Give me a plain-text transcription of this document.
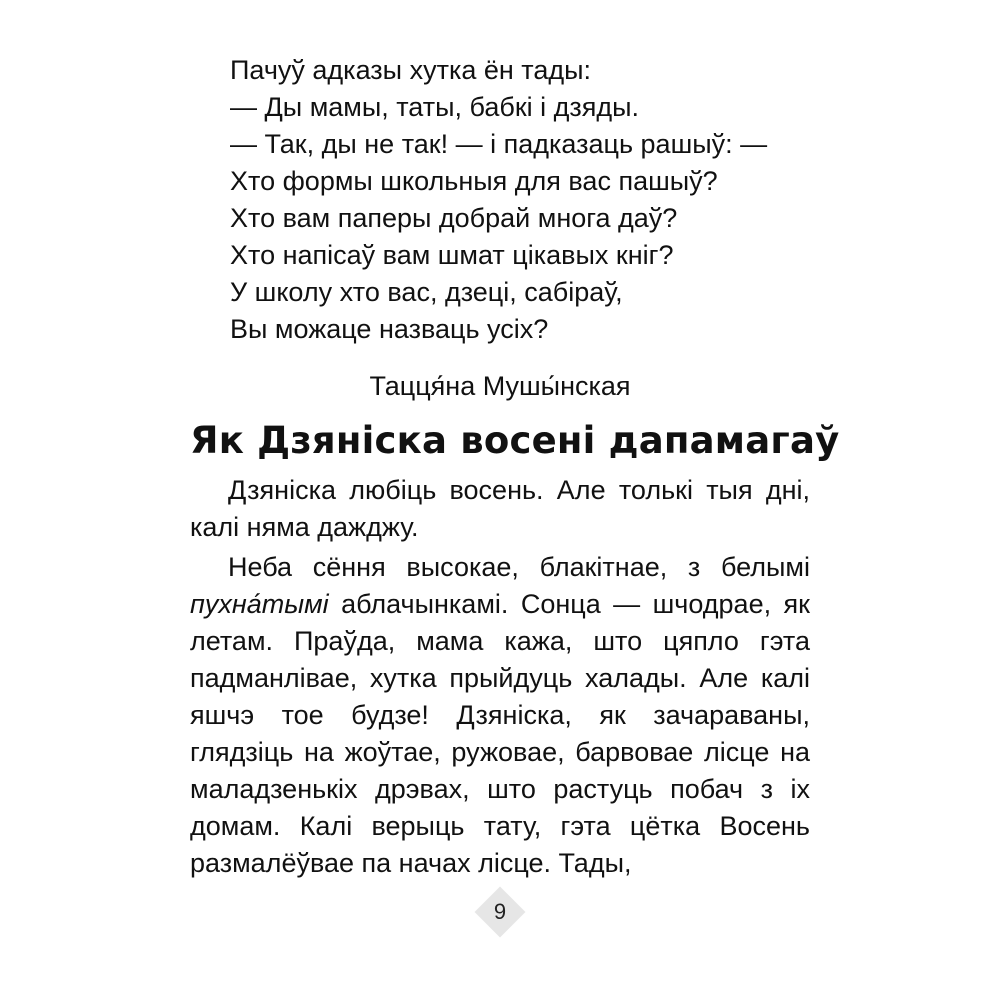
Пачуў адказы хутка ён тады:
— Ды мамы, таты, бабкі і дзяды.
— Так, ды не так! — і падказаць рашыў: —
Хто формы школьныя для вас пашыў?
Хто вам паперы добрай многа даў?
Хто напісаў вам шмат цікавых кніг?
У школу хто вас, дзеці, сабіраў,
Вы можаце назваць усіх?
Тацця́на Мушы́нская
Як Дзяніска восені дапамагаў

Дзяніска любіць восень. Але толькі тыя дні, калі няма дажджу.

Неба сёння высокае, блакітнае, з белымі пухна́тымі аблачынкамі. Сонца — шчодрае, як летам. Праўда, мама кажа, што цяпло гэта падманлівае, хутка прыйдуць халады. Але калі яшчэ тое будзе! Дзяніска, як зачараваны, глядзіць на жоўтае, ружовае, барвовае лісце на маладзенькіх дрэвах, што растуць побач з іх домам. Калі верыць тату, гэта цётка Восень размалёўвае па начах лісце. Тады,

9
